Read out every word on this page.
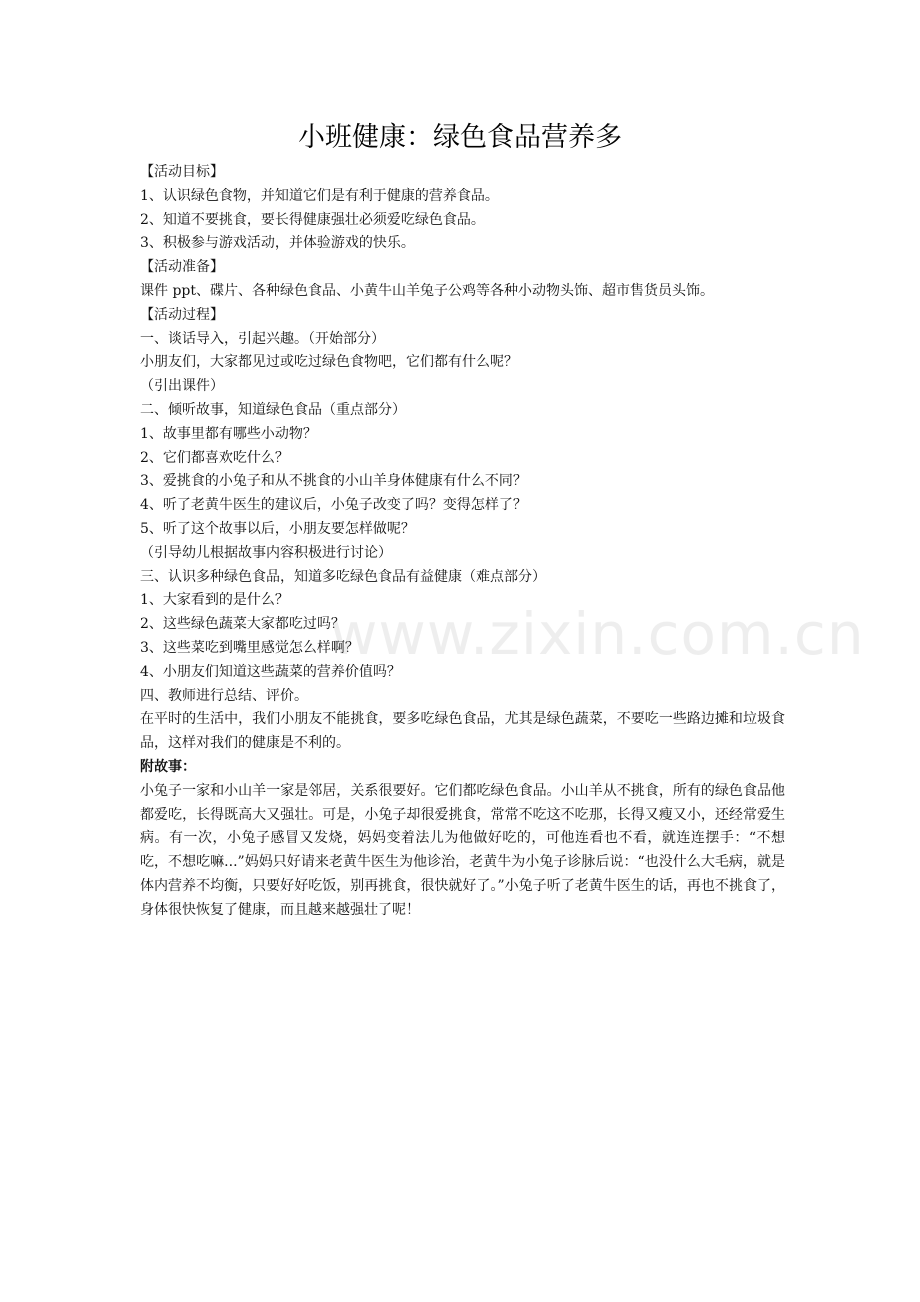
小班健康：绿色食品营养多

【活动目标】

1、认识绿色食物，并知道它们是有利于健康的营养食品。

2、知道不要挑食，要长得健康强壮必须爱吃绿色食品。

3、积极参与游戏活动，并体验游戏的快乐。

【活动准备】

课件 ppt、碟片、各种绿色食品、小黄牛山羊兔子公鸡等各种小动物头饰、超市售货员头饰。

【活动过程】

一、谈话导入，引起兴趣。（开始部分）

小朋友们，大家都见过或吃过绿色食物吧，它们都有什么呢？

（引出课件）

二、倾听故事，知道绿色食品（重点部分）

1、故事里都有哪些小动物？

2、它们都喜欢吃什么？

3、爱挑食的小兔子和从不挑食的小山羊身体健康有什么不同？

4、听了老黄牛医生的建议后，小兔子改变了吗？变得怎样了？

5、听了这个故事以后，小朋友要怎样做呢？

（引导幼儿根据故事内容积极进行讨论）

三、认识多种绿色食品，知道多吃绿色食品有益健康（难点部分）

1、大家看到的是什么？

2、这些绿色蔬菜大家都吃过吗？

3、这些菜吃到嘴里感觉怎么样啊？

4、小朋友们知道这些蔬菜的营养价值吗？

四、教师进行总结、评价。

在平时的生活中，我们小朋友不能挑食，要多吃绿色食品，尤其是绿色蔬菜，不要吃一些路边摊和垃圾食品，这样对我们的健康是不利的。

附故事：

小兔子一家和小山羊一家是邻居，关系很要好。它们都吃绿色食品。小山羊从不挑食，所有的绿色食品他都爱吃，长得既高大又强壮。可是，小兔子却很爱挑食，常常不吃这不吃那，长得又瘦又小，还经常爱生病。有一次，小兔子感冒又发烧，妈妈变着法儿为他做好吃的，可他连看也不看，就连连摆手：“不想吃，不想吃嘛...”妈妈只好请来老黄牛医生为他诊治，老黄牛为小兔子诊脉后说：“也没什么大毛病，就是体内营养不均衡，只要好好吃饭，别再挑食，很快就好了。”小兔子听了老黄牛医生的话，再也不挑食了，身体很快恢复了健康，而且越来越强壮了呢！

www.zixin.com.cn
